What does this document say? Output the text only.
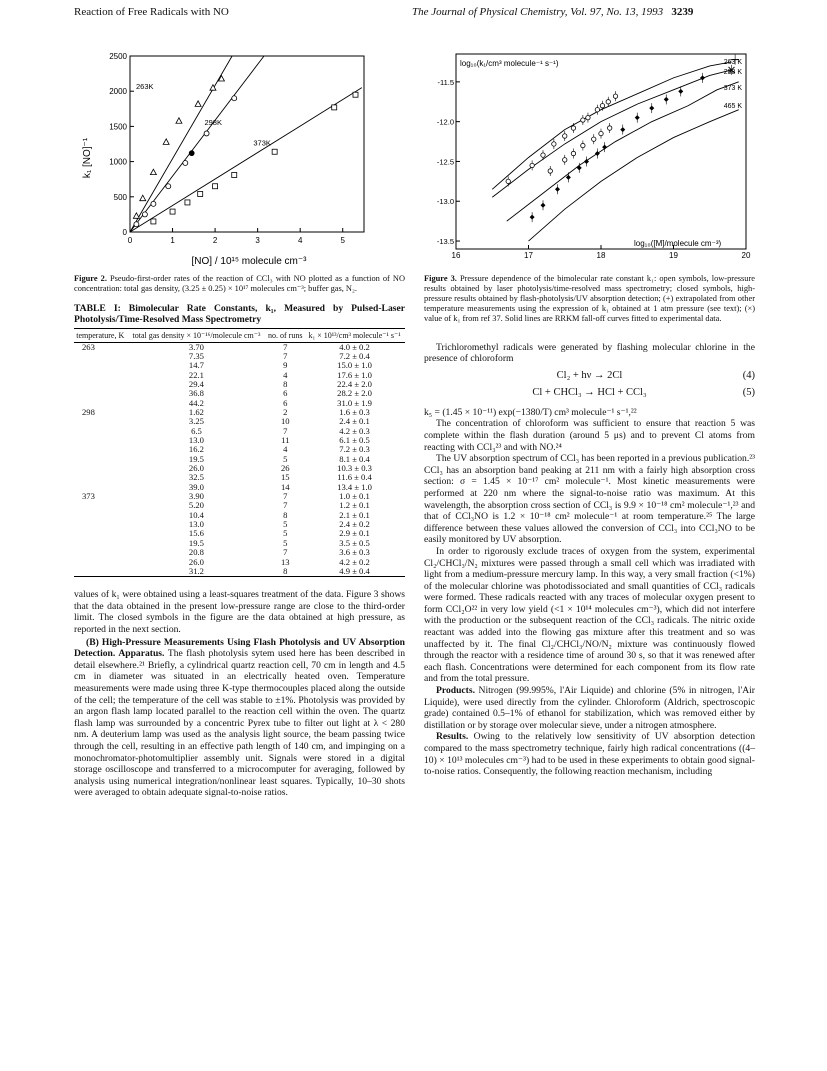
Reaction of Free Radicals with NO	The Journal of Physical Chemistry, Vol. 97, No. 13, 1993 3239
0	1	2	3	4	5
0
500
1000
1500
2000
2500
263K
298K
373K
[NO] / 10¹⁵ molecule cm⁻³
k₁ [NO]⁻¹

Figure 2. Pseudo-first-order rates of the reaction of CCl₃ with NO plotted as a function of NO concentration: total gas density, (3.25 ± 0.25) × 10¹⁷ molecules cm⁻³; buffer gas, N₂.

TABLE I: Bimolecular Rate Constants, k₁, Measured by Pulsed-Laser Photolysis/Time-Resolved Mass Spectrometry
temperature, K	total gas density × 10⁻¹⁶/molecule cm⁻³	no. of runs	k₁ × 10¹³/cm³ molecule⁻¹ s⁻¹
263	3.70	7	4.0 ± 0.2
	7.35	7	7.2 ± 0.4
	14.7	9	15.0 ± 1.0
	22.1	4	17.6 ± 1.0
	29.4	8	22.4 ± 2.0
	36.8	6	28.2 ± 2.0
	44.2	6	31.0 ± 1.9
298	1.62	2	1.6 ± 0.3
	3.25	10	2.4 ± 0.1
	6.5	7	4.2 ± 0.3
	13.0	11	6.1 ± 0.5
	16.2	4	7.2 ± 0.3
	19.5	5	8.1 ± 0.4
	26.0	26	10.3 ± 0.3
	32.5	15	11.6 ± 0.4
	39.0	14	13.4 ± 1.0
373	3.90	7	1.0 ± 0.1
	5.20	7	1.2 ± 0.1
	10.4	8	2.1 ± 0.1
	13.0	5	2.4 ± 0.2
	15.6	5	2.9 ± 0.1
	19.5	5	3.5 ± 0.5
	20.8	7	3.6 ± 0.3
	26.0	13	4.2 ± 0.2
	31.2	8	4.9 ± 0.4

values of k₁ were obtained using a least-squares treatment of the data. Figure 3 shows that the data obtained in the present low-pressure range are close to the third-order limit. The closed symbols in the figure are the data obtained at high pressure, as reported in the next section.

(B) High-Pressure Measurements Using Flash Photolysis and UV Absorption Detection. Apparatus. The flash photolysis sytem used here has been described in detail elsewhere.²¹ Briefly, a cylindrical quartz reaction cell, 70 cm in length and 4.5 cm in diameter was situated in an electrically heated oven. Temperature measurements were made using three K-type thermocouples placed along the outside of the cell; the temperature of the cell was stable to ±1%. Photolysis was provided by an argon flash lamp located parallel to the reaction cell within the oven. The quartz flash lamp was surrounded by a concentric Pyrex tube to filter out light at λ < 280 nm. A deuterium lamp was used as the analysis light source, the beam passing twice through the cell, resulting in an effective path length of 140 cm, and impinging on a monochromator-photomultiplier assembly unit. Signals were stored in a digital storage oscilloscope and transferred to a microcomputer for averaging, followed by analysis using numerical integration/nonlinear least squares. Typically, 10–30 shots were averaged to obtain adequate signal-to-noise ratios.

16	17	18	19	20
-11.5
-12.0
-12.5
-13.0
-13.5
263 K
298 K
373 K
465 K
log₁₀(k₁/cm³ molecule⁻¹ s⁻¹)
log₁₀([M]/molecule cm⁻³)

Figure 3. Pressure dependence of the bimolecular rate constant k₁: open symbols, low-pressure results obtained by laser photolysis/time-resolved mass spectrometry; closed symbols, high-pressure results obtained by flash-photolysis/UV absorption detection; (+) extrapolated from other temperature measurements using the expression of k₁ obtained at 1 atm pressure (see text); (×) value of k₁ from ref 37. Solid lines are RRKM fall-off curves fitted to experimental data.

Trichloromethyl radicals were generated by flashing molecular chlorine in the presence of chloroform

Cl₂ + hν → 2Cl	(4)
Cl + CHCl₃ → HCl + CCl₃	(5)

k₅ = (1.45 × 10⁻¹¹) exp(−1380/T) cm³ molecule⁻¹ s⁻¹,²²

The concentration of chloroform was sufficient to ensure that reaction 5 was complete within the flash duration (around 5 μs) and to prevent Cl atoms from reacting with CCl₃²³ and with NO.²⁴

The UV absorption spectrum of CCl₃ has been reported in a previous publication.²³ CCl₃ has an absorption band peaking at 211 nm with a fairly high absorption cross section: σ = 1.45 × 10⁻¹⁷ cm² molecule⁻¹. Most kinetic measurements were performed at 220 nm where the signal-to-noise ratio was maximum. At this wavelength, the absorption cross section of CCl₃ is 9.9 × 10⁻¹⁸ cm² molecule⁻¹,²³ and that of CCl₃NO is 1.2 × 10⁻¹⁸ cm² molecule⁻¹ at room temperature.²⁵ The large difference between these values allowed the conversion of CCl₃ into CCl₃NO to be easily monitored by UV absorption.

In order to rigorously exclude traces of oxygen from the system, experimental Cl₂/CHCl₃/N₂ mixtures were passed through a small cell which was irradiated with light from a medium-pressure mercury lamp. In this way, a very small fraction (<1%) of the molecular chlorine was photodissociated and small quantities of CCl₃ radicals were formed. These radicals reacted with any traces of molecular oxygen present to form CCl₂O²² in very low yield (<1 × 10¹⁴ molecules cm⁻³), which did not interfere with the production or the subsequent reaction of the CCl₃ radicals. The nitric oxide reactant was added into the flowing gas mixture after this treatment and so was unaffected by it. The final Cl₂/CHCl₃/NO/N₂ mixture was continuously flowed through the reactor with a residence time of around 30 s, so that it was renewed after each flash. Concentrations were determined for each component from its flow rate and from the total pressure.

Products. Nitrogen (99.995%, l'Air Liquide) and chlorine (5% in nitrogen, l'Air Liquide), were used directly from the cylinder. Chloroform (Aldrich, spectroscopic grade) contained 0.5–1% of ethanol for stabilization, which was removed either by distillation or by storage over molecular sieve, under a nitrogen atmosphere.

Results. Owing to the relatively low sensitivity of UV absorption detection compared to the mass spectrometry technique, fairly high radical concentrations ((4–10) × 10¹³ molecules cm⁻³) had to be used in these experiments to obtain good signal-to-noise ratios. Consequently, the following reaction mechanism, including
